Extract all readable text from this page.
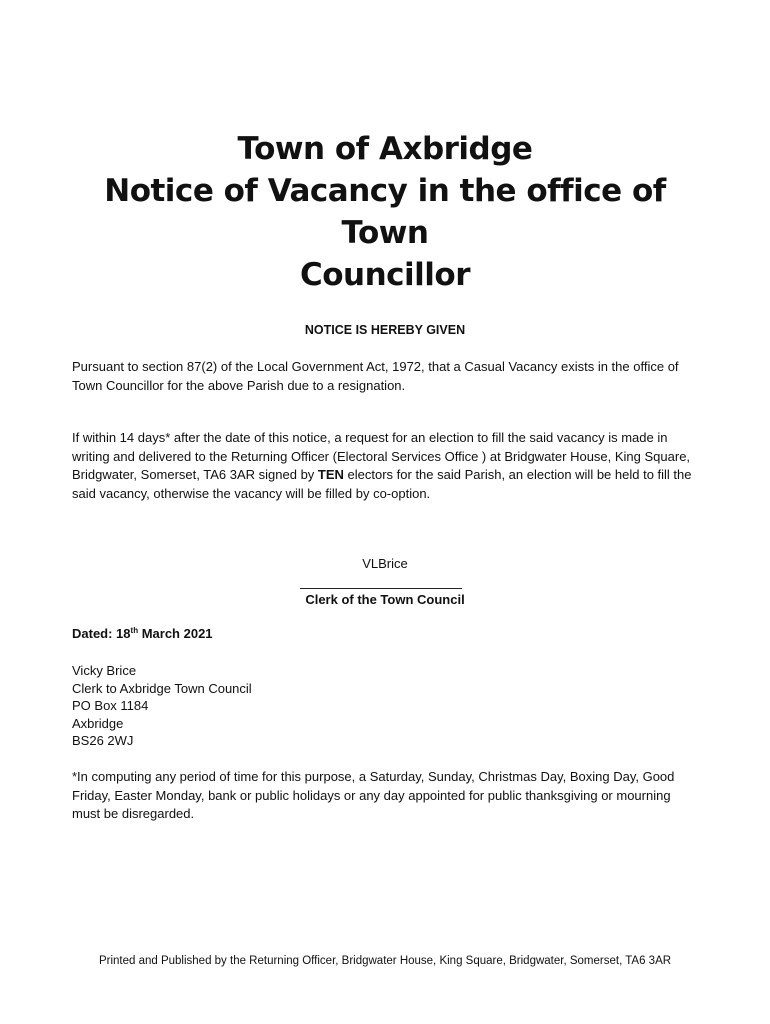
Town of Axbridge
Notice of Vacancy in the office of Town
Councillor
NOTICE IS HEREBY GIVEN
Pursuant to section 87(2) of the Local Government Act, 1972, that a Casual Vacancy exists in the office of Town Councillor for the above Parish due to a resignation.
If within 14 days* after the date of this notice, a request for an election to fill the said vacancy is made in writing and delivered to the Returning Officer (Electoral Services Office ) at Bridgwater House, King Square, Bridgwater, Somerset, TA6 3AR signed by TEN electors for the said Parish, an election will be held to fill the said vacancy, otherwise the vacancy will be filled by co-option.
VLBrice
Clerk of the Town Council
Dated: 18th March 2021
Vicky Brice
Clerk to Axbridge Town Council
PO Box 1184
Axbridge
BS26 2WJ
*In computing any period of time for this purpose, a Saturday, Sunday, Christmas Day, Boxing Day, Good Friday, Easter Monday, bank or public holidays or any day appointed for public thanksgiving or mourning must be disregarded.
Printed and Published by the Returning Officer, Bridgwater House, King Square, Bridgwater, Somerset, TA6 3AR
